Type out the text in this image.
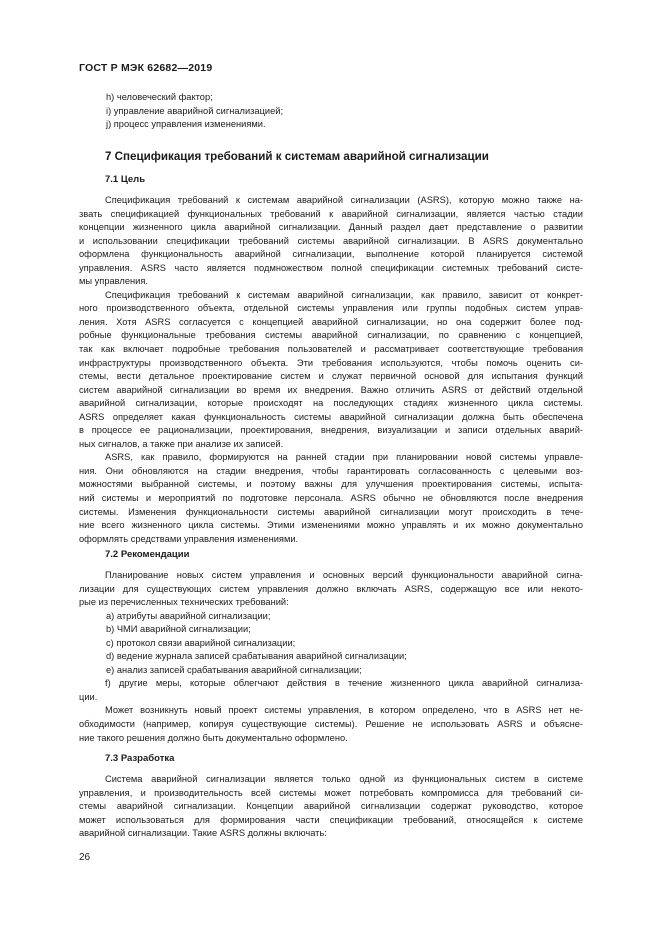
ГОСТ Р МЭК 62682—2019
h) человеческий фактор;
i) управление аварийной сигнализацией;
j) процесс управления изменениями.
7 Спецификация требований к системам аварийной сигнализации
7.1 Цель
Спецификация требований к системам аварийной сигнализации (ASRS), которую можно также на-
звать спецификацией функциональных требований к аварийной сигнализации, является частью стадии
концепции жизненного цикла аварийной сигнализации. Данный раздел дает представление о развитии
и использовании спецификации требований системы аварийной сигнализации. В ASRS документально
оформлена функциональность аварийной сигнализации, выполнение которой планируется системой
управления. ASRS часто является подмножеством полной спецификации системных требований систе-
мы управления.
Спецификация требований к системам аварийной сигнализации, как правило, зависит от конкрет-
ного производственного объекта, отдельной системы управления или группы подобных систем управ-
ления. Хотя ASRS согласуется с концепцией аварийной сигнализации, но она содержит более под-
робные функциональные требования системы аварийной сигнализации, по сравнению с концепцией,
так как включает подробные требования пользователей и рассматривает соответствующие требования
инфраструктуры производственного объекта. Эти требования используются, чтобы помочь оценить си-
стемы, вести детальное проектирование систем и служат первичной основой для испытания функций
систем аварийной сигнализации во время их внедрения. Важно отличить ASRS от действий отдельной
аварийной сигнализации, которые происходят на последующих стадиях жизненного цикла системы.
ASRS определяет какая функциональность системы аварийной сигнализации должна быть обеспечена
в процессе ее рационализации, проектирования, внедрения, визуализации и записи отдельных аварий-
ных сигналов, а также при анализе их записей.
ASRS, как правило, формируются на ранней стадии при планировании новой системы управле-
ния. Они обновляются на стадии внедрения, чтобы гарантировать согласованность с целевыми воз-
можностями выбранной системы, и поэтому важны для улучшения проектирования системы, испыта-
ний системы и мероприятий по подготовке персонала. ASRS обычно не обновляются после внедрения
системы. Изменения функциональности системы аварийной сигнализации могут происходить в тече-
ние всего жизненного цикла системы. Этими изменениями можно управлять и их можно документально
оформлять средствами управления изменениями.
7.2 Рекомендации
Планирование новых систем управления и основных версий функциональности аварийной сигна-
лизации для существующих систем управления должно включать ASRS, содержащую все или некото-
рые из перечисленных технических требований:
a) атрибуты аварийной сигнализации;
b) ЧМИ аварийной сигнализации;
c) протокол связи аварийной сигнализации;
d) ведение журнала записей срабатывания аварийной сигнализации;
e) анализ записей срабатывания аварийной сигнализации;
f) другие меры, которые облегчают действия в течение жизненного цикла аварийной сигнализа-
ции.
Может возникнуть новый проект системы управления, в котором определено, что в ASRS нет не-
обходимости (например, копируя существующие системы). Решение не использовать ASRS и объясне-
ние такого решения должно быть документально оформлено.
7.3 Разработка
Система аварийной сигнализации является только одной из функциональных систем в системе
управления, и производительность всей системы может потребовать компромисса для требований си-
стемы аварийной сигнализации. Концепции аварийной сигнализации содержат руководство, которое
может использоваться для формирования части спецификации требований, относящейся к системе
аварийной сигнализации. Такие ASRS должны включать:
26
